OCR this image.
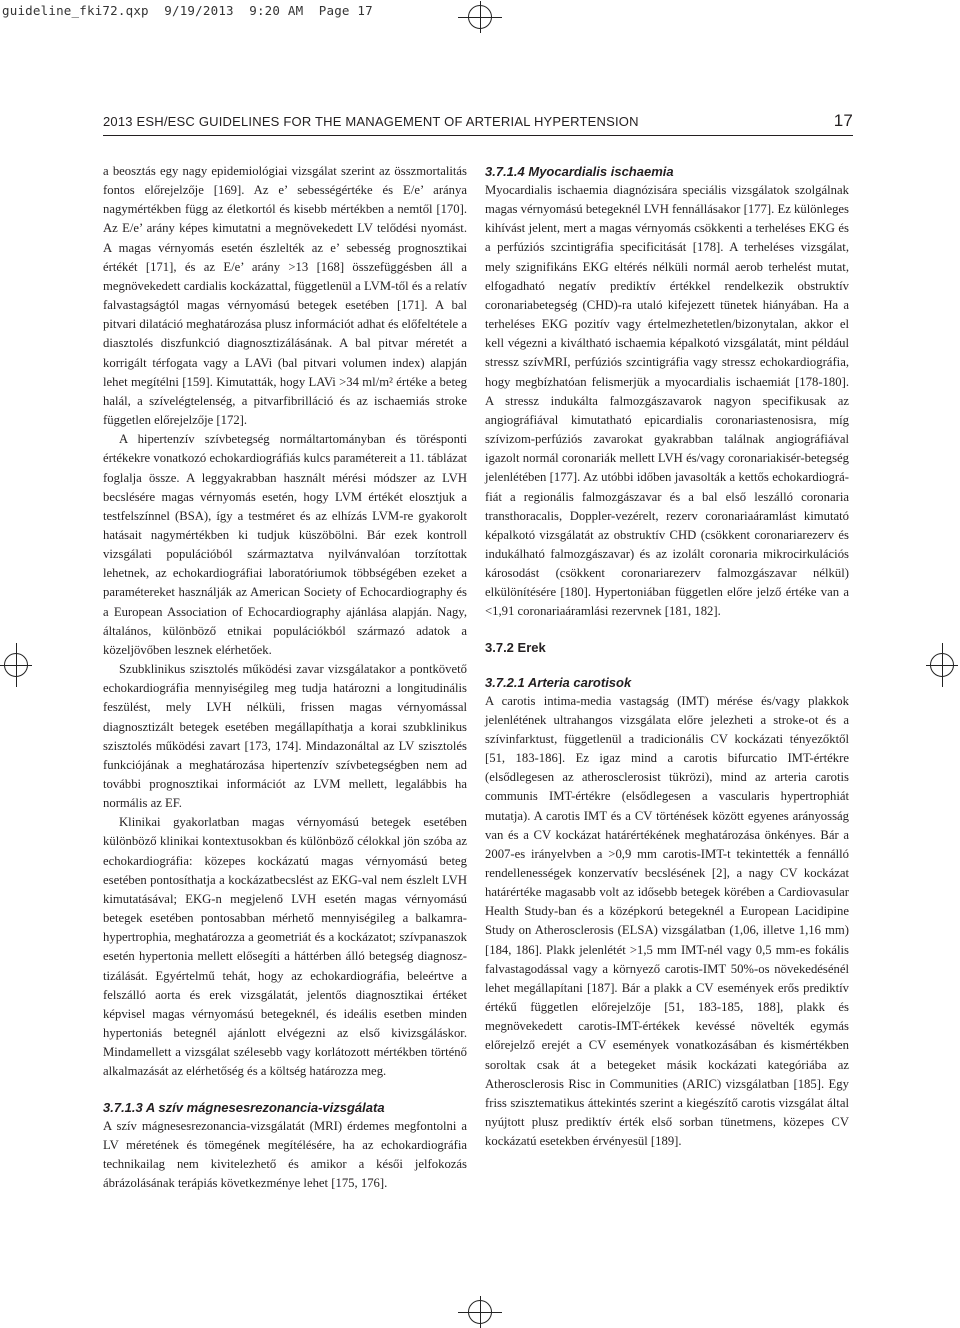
guideline_fki72.qxp  9/19/2013  9:20 AM  Page 17
2013 ESH/ESC GUIDELINES FOR THE MANAGEMENT OF ARTERIAL HYPERTENSION	17

a beosztás egy nagy epidemiológiai vizsgálat szerint az összmortalitás fontos előrejelzője [169]. Az e’ sebességértéke és E/e’ aránya nagymértékben függ az életkortól és kisebb mértékben a nemtől [170]. Az E/e’ arány képes kimutatni a megnövekedett LV telődési nyomást. A magas vérnyomás esetén észlelték az e’ sebesség prognosztikai értékét [171], és az E/e’ arány >13 [168] összefüggésben áll a megnövekedett cardialis kockázattal, függetlenül a LVM-től és a relatív falvastagságtól magas vérnyomású betegek esetében [171]. A bal pitvari dilatáció meghatározása plusz információt adhat és előfeltétele a diasztolés diszfunkció diagnosztizálásának. A bal pitvar méretét a korrigált térfogata vagy a LAVi (bal pitvari volumen index) alapján lehet megítélni [159]. Kimutatták, hogy LAVi >34 ml/m² értéke a beteg halál, a szívelégtelenség, a pitvarfibrilláció és az ischaemiás stroke független előrejelzője [172].

A hipertenzív szívbetegség normáltartományban és törésponti értékekre vonatkozó echokardiográfiás kulcs paramétereit a 11. táblázat foglalja össze. A leggyakrabban használt mérési módszer az LVH becslésére magas vérnyomás esetén, hogy LVM értékét elosztjuk a testfelszínnel (BSA), így a testméret és az elhízás LVM-re gyakorolt hatásait nagymértékben ki tudjuk küszöbölni. Bár ezek kontroll vizsgálati populációból származtatva nyilvánvalóan torzítottak lehetnek, az echokardiográfiai laboratóriumok többségében ezeket a paramétereket használják az American Society of Echocardiography és a European Association of Echocardiography ajánlása alapján. Nagy, általános, különböző etnikai populációkból származó adatok a közeljövőben lesznek elérhetőek.

Szubklinikus szisztolés működési zavar vizsgálatakor a pontkövető echokardiográfia mennyiségileg meg tudja határozni a longitudinális feszülést, mely LVH nélküli, frissen magas vérnyomással diagnosztizált betegek esetében megállapíthatja a korai szubklinikus szisztolés működési zavart [173, 174]. Mindazonáltal az LV szisztolés funkciójának a meghatározása hipertenzív szívbetegségben nem ad további prognosztikai információt az LVM mellett, legalábbis ha normális az EF.

Klinikai gyakorlatban magas vérnyomású betegek esetében különböző klinikai kontextusokban és különböző célokkal jön szóba az echokardiográfia: közepes kockázatú magas vérnyomású beteg esetében pontosíthatja a kockázatbecslést az EKG-val nem észlelt LVH kimutatásával; EKG-n megjelenő LVH esetén magas vérnyomású betegek esetében pontosabban mérhető mennyiségileg a balkamra-hypertrophia, meghatározza a geometriát és a kockázatot; szívpanaszok esetén hypertonia mellett elősegíti a háttérben álló betegség diagnosztizálását. Egyértelmű tehát, hogy az echokardiográfia, beleértve a felszálló aorta és erek vizsgálatát, jelentős diagnosztikai értéket képvisel magas vérnyomású betegeknél, és ideális esetben minden hypertoniás betegnél ajánlott elvégezni az első kivizsgáláskor. Mindamellett a vizsgálat szélesebb vagy korlátozott mértékben történő alkalmazását az elérhetőség és a költség határozza meg.

3.7.1.3 A szív mágnesesrezonancia-vizsgálata

A szív mágnesesrezonancia-vizsgálatát (MRI) érdemes megfontolni a LV méretének és tömegének megítélésére, ha az echokardiográfia technikailag nem kivitelezhető és amikor a késői jelfokozás ábrázolásának terápiás következménye lehet [175, 176].

3.7.1.4 Myocardialis ischaemia

Myocardialis ischaemia diagnózisára speciális vizsgálatok szolgálnak magas vérnyomású betegeknél LVH fennállásakor [177]. Ez különleges kihívást jelent, mert a magas vérnyomás csökkenti a terheléses EKG és a perfúziós szcintigráfia specificitását [178]. A terheléses vizsgálat, mely szignifikáns EKG eltérés nélküli normál aerob terhelést mutat, elfogadható negatív prediktív értékkel rendelkezik obstruktív coronariabetegség (CHD)-ra utaló kifejezett tünetek hiányában. Ha a terheléses EKG pozitív vagy értelmezhetetlen/bizonytalan, akkor el kell végezni a kiváltható ischaemia képalkotó vizsgálatát, mint például stressz szívMRI, perfúziós szcintigráfia vagy stressz echokardiográfia, hogy megbízhatóan felismerjük a myocardialis ischaemiát [178-180]. A stressz indukálta falmozgászavarok nagyon specifikusak az angiográfiával kimutatható epicardialis coronariastenosisra, míg szívizom-perfúziós zavarokat gyakrabban találnak angiográfiával igazolt normál coronariák mellett LVH és/vagy coronariakisér-betegség jelenlétében [177]. Az utóbbi időben javasolták a kettős echokardiográfiát a regionális falmozgászavar és a bal első leszálló coronaria transthoracalis, Doppler-vezérelt, rezerv coronariaáramlást kimutató képalkotó vizsgálatát az obstruktív CHD (csökkent coronariarezerv és indukálható falmozgászavar) és az izolált coronaria mikrocirkulációs károsodást (csökkent coronariarezerv falmozgászavar nélkül) elkülönítésére [180]. Hypertoniában független előre jelző értéke van a <1,91 coronariaáramlási rezervnek [181, 182].

3.7.2 Erek
3.7.2.1 Arteria carotisok

A carotis intima-media vastagság (IMT) mérése és/vagy plakkok jelenlétének ultrahangos vizsgálata előre jelezheti a stroke-ot és a szívinfarktust, függetlenül a tradicionális CV kockázati tényezőktől [51, 183-186]. Ez igaz mind a carotis bifurcatio IMT-értékre (elsődlegesen az atherosclerosist tükrözi), mind az arteria carotis communis IMT-értékre (elsődlegesen a vascularis hypertrophiát mutatja). A carotis IMT és a CV történések között egyenes arányosság van és a CV kockázat határértékének meghatározása önkényes. Bár a 2007-es irányelvben a >0,9 mm carotis-IMT-t tekintették a fennálló rendellenességek konzervatív becslésének [2], a nagy CV kockázat határértéke magasabb volt az idősebb betegek körében a Cardiovasular Health Study-ban és a középkorú betegeknél a European Lacidipine Study on Atherosclerosis (ELSA) vizsgálatban (1,06, illetve 1,16 mm) [184, 186]. Plakk jelenlétét >1,5 mm IMT-nél vagy 0,5 mm-es fokális falvastagodással vagy a környező carotis-IMT 50%-os növekedésénél lehet megállapítani [187]. Bár a plakk a CV események erős prediktív értékű független előrejelzője [51, 183-185, 188], plakk és megnövekedett carotis-IMT-értékek kevéssé növelték egymás előrejelző erejét a CV események vonatkozásában és kismértékben soroltak csak át a betegeket másik kockázati kategóriába az Atherosclerosis Risc in Communities (ARIC) vizsgálatban [185]. Egy friss szisztematikus áttekintés szerint a kiegészítő carotis vizsgálat által nyújtott plusz prediktív érték első sorban tünetmens, közepes CV kockázatú esetekben érvényesül [189].
